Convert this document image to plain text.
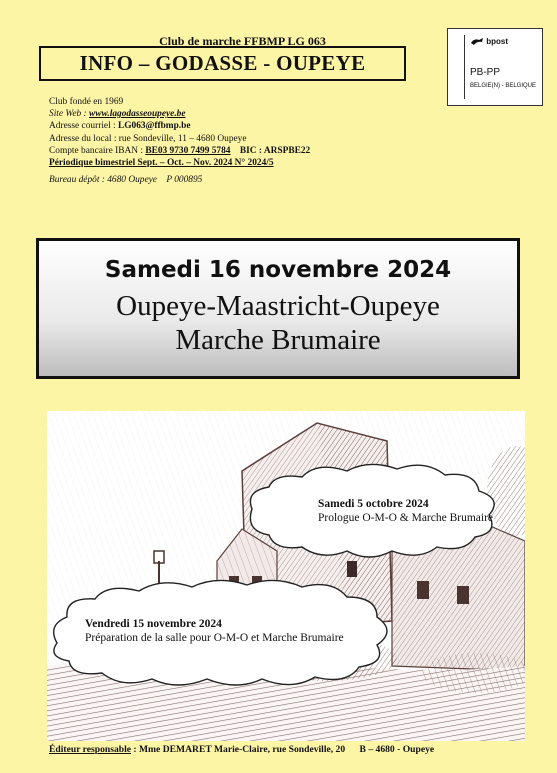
Club de marche FFBMP LG 063
INFO – GODASSE - OUPEYE
bpost
PB-PP
BELGIE(N) - BELGIQUE
Club fondé en 1969
Site Web : www.lagodasseoupeye.be
Adresse courriel : LG063@ffbmp.be
Adresse du local : rue Sondeville, 11 – 4680 Oupeye
Compte bancaire IBAN : BE03 9730 7499 5784 BIC : ARSPBE22
Périodique bimestriel Sept. – Oct. – Nov. 2024 N° 2024/5
Bureau dépôt : 4680 Oupeye P 000895
Samedi 16 novembre 2024
Oupeye-Maastricht-Oupeye
Marche Brumaire
Samedi 5 octobre 2024
Prologue O-M-O & Marche Brumaire
Vendredi 15 novembre 2024
Préparation de la salle pour O-M-O et Marche Brumaire
Éditeur responsable : Mme DEMARET Marie-Claire, rue Sondeville, 20 B – 4680 - Oupeye
